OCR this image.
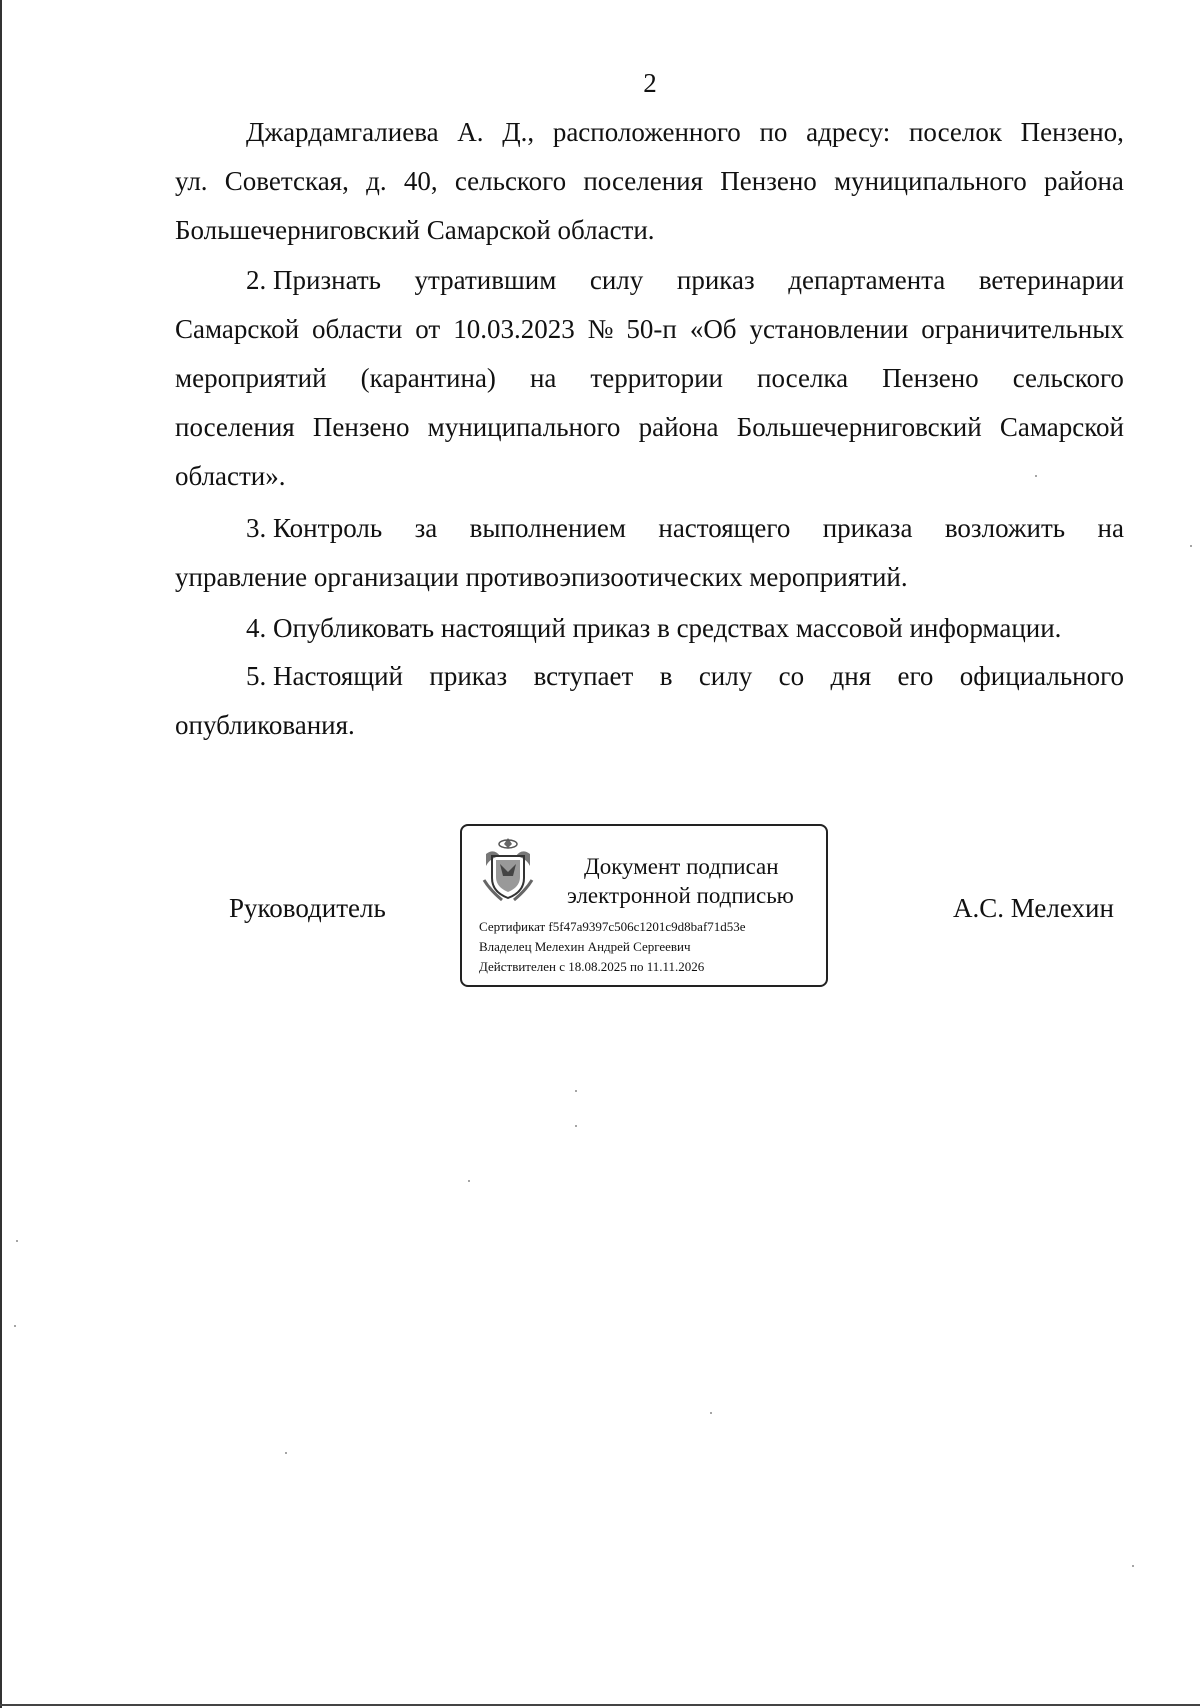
2
Джардамгалиева А. Д., расположенного по адресу: поселок Пензено,
ул. Советская, д. 40, сельского поселения Пензено муниципального района
Большечерниговский Самарской области.
2. Признать утратившим силу приказ департамента ветеринарии
Самарской области от 10.03.2023 № 50-п «Об установлении ограничительных
мероприятий (карантина) на территории поселка Пензено сельского
поселения Пензено муниципального района Большечерниговский Самарской
области».
3. Контроль за выполнением настоящего приказа возложить на
управление организации противоэпизоотических мероприятий.
4. Опубликовать настоящий приказ в средствах массовой информации.
5. Настоящий приказ вступает в силу со дня его официального
опубликования.
Руководитель
Документ подписан
электронной подписью
Сертификат f5f47a9397c506c1201c9d8baf71d53e
Владелец Мелехин Андрей Сергеевич
Действителен с 18.08.2025 по 11.11.2026
А.С. Мелехин
